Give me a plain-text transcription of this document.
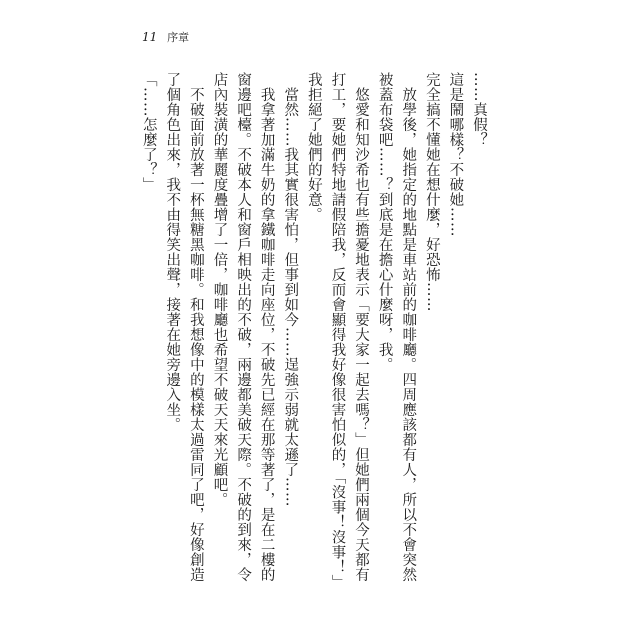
11 序章

……真假？

這是鬧哪樣？不破她……

完全搞不懂她在想什麼，好恐怖……

放學後，她指定的地點是車站前的咖啡廳。四周應該都有人，所以不會突然被蓋布袋吧……？到底是在擔心什麼呀，我。

悠愛和知沙希也有些擔憂地表示「要大家一起去嗎？」但她們兩個今天都有打工，要她們特地請假陪我，反而會顯得我好像很害怕似的，「沒事！沒事！」我拒絕了她們的好意。

當然……我其實很害怕，但事到如今……逞強示弱就太遜了……

我拿著加滿牛奶的拿鐵咖啡走向座位，不破先已經在那等著了，是在二樓的窗邊吧檯。不破本人和窗戶相映出的不破，兩邊都美破天際。不破的到來，令店內裝潢的華麗度疊增了一倍，咖啡廳也希望不破天天來光顧吧。

不破面前放著一杯無糖黑咖啡。和我想像中的模樣太過雷同了吧，好像創造了個角色出來，我不由得笑出聲，接著在她旁邊入坐。

「……怎麼了？」
